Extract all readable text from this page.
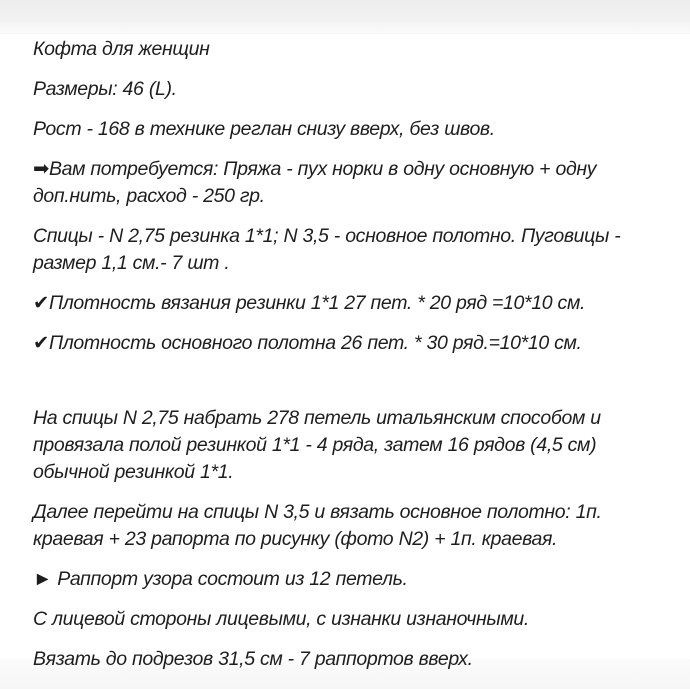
Кофта для женщин

Размеры: 46 (L).

Рост - 168 в технике реглан снизу вверх, без швов.

➡Вам потребуется: Пряжа - пух норки в одну основную + одну доп.нить, расход - 250 гр.

Спицы - N 2,75 резинка 1*1; N 3,5 - основное полотно. Пуговицы - размер 1,1 см.- 7 шт .

✔Плотность вязания резинки 1*1 27 пет. * 20 ряд =10*10 см.

✔Плотность основного полотна 26 пет. * 30 ряд.=10*10 см.

На спицы N 2,75 набрать 278 петель итальянским способом и провязала полой резинкой 1*1 - 4 ряда, затем 16 рядов (4,5 см) обычной резинкой 1*1.

Далее перейти на спицы N 3,5 и вязать основное полотно: 1п. краевая + 23 рапорта по рисунку (фото N2) + 1п. краевая.

► Раппорт узора состоит из 12 петель.

С лицевой стороны лицевыми, с изнанки изнаночными.

Вязать до подрезов 31,5 см - 7 раппортов вверх.
